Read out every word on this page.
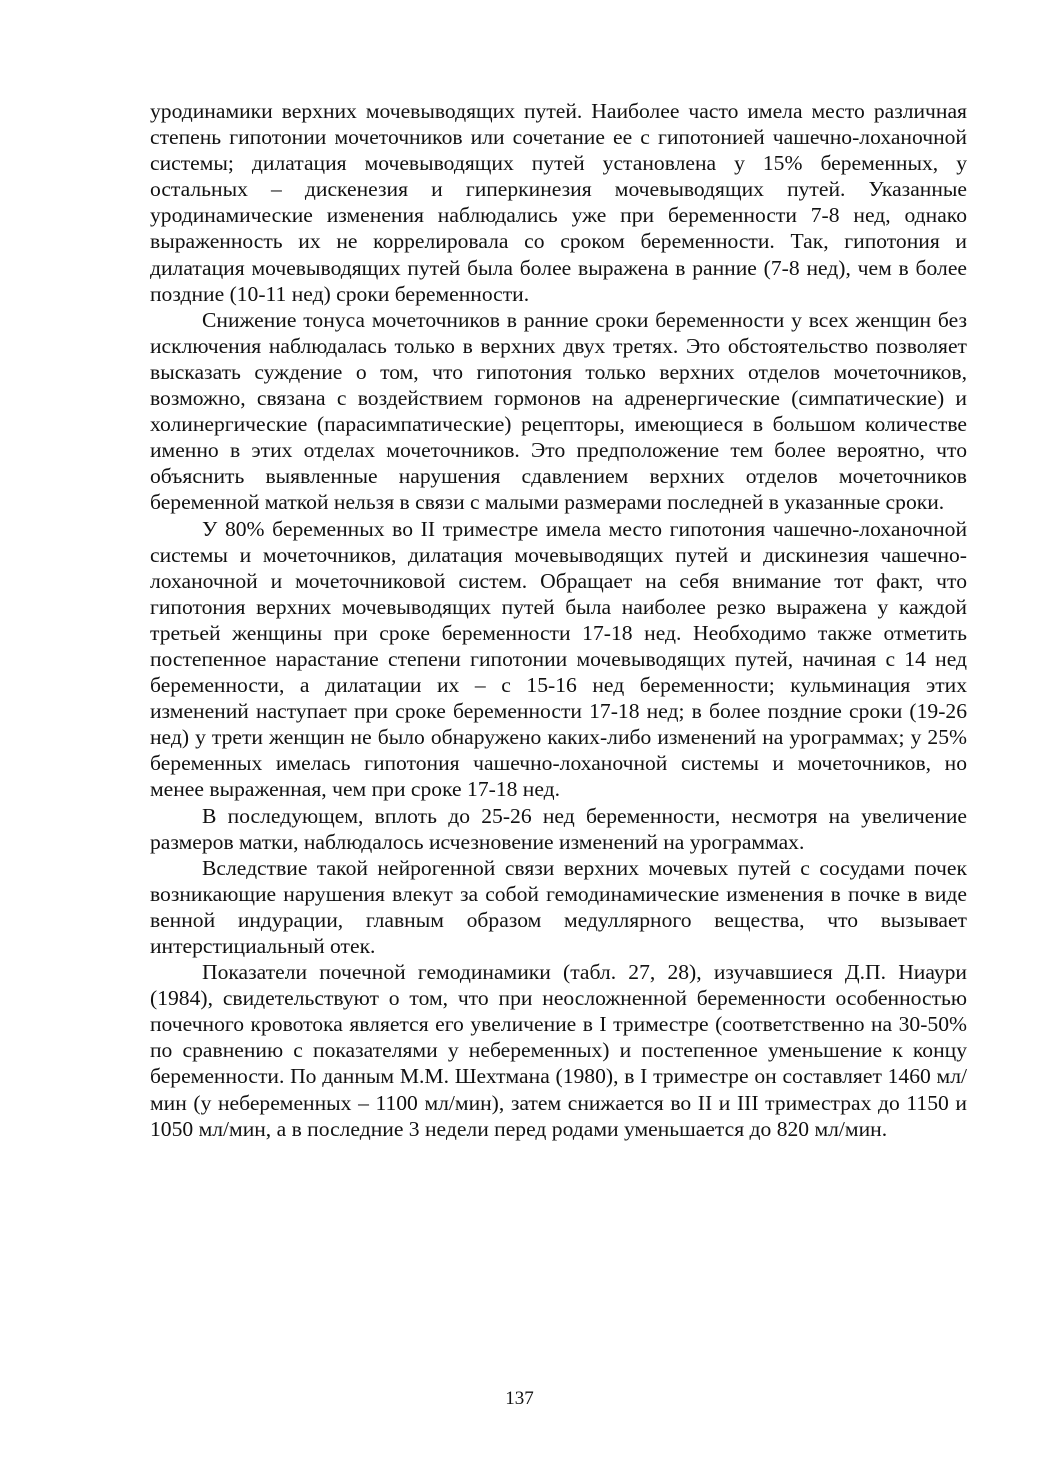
уродинамики верхних мочевыводящих путей. Наиболее часто имела место различная степень гипотонии мочеточников или сочетание ее с гипотонией чашечно-лоханочной системы; дилатация мочевыводящих путей установлена у 15% беременных, у остальных – дискенезия и гиперкинезия мочевыводящих путей. Указанные уродинамические изменения наблюдались уже при беременности 7-8 нед, однако выраженность их не коррелировала со сроком беременности. Так, гипотония и дилатация мочевыводящих путей была более выражена в ранние (7-8 нед), чем в более поздние (10-11 нед) сроки беременности.

Снижение тонуса мочеточников в ранние сроки беременности у всех женщин без исключения наблюдалась только в верхних двух третях. Это обстоятельство позволяет высказать суждение о том, что гипотония только верхних отделов мочеточников, возможно, связана с воздействием гормонов на адренергические (симпатические) и холинергические (парасимпатические) рецепторы, имеющиеся в большом количестве именно в этих отделах мочеточников. Это предположение тем более вероятно, что объяснить выявленные нарушения сдавлением верхних отделов мочеточников беременной маткой нельзя в связи с малыми размерами последней в указанные сроки.

У 80% беременных во II триместре имела место гипотония чашечно-лоханочной системы и мочеточников, дилатация мочевыводящих путей и дискинезия чашечно-лоханочной и мочеточниковой систем. Обращает на себя внимание тот факт, что гипотония верхних мочевыводящих путей была наиболее резко выражена у каждой третьей женщины при сроке беременности 17-18 нед. Необходимо также отметить постепенное нарастание степени гипотонии мочевыводящих путей, начиная с 14 нед беременности, а дилатации их – с 15-16 нед беременности; кульминация этих изменений наступает при сроке беременности 17-18 нед; в более поздние сроки (19-26 нед) у трети женщин не было обнаружено каких-либо изменений на урограммах; у 25% беременных имелась гипотония чашечно-лоханочной системы и мочеточников, но менее выраженная, чем при сроке 17-18 нед.

В последующем, вплоть до 25-26 нед беременности, несмотря на увеличение размеров матки, наблюдалось исчезновение изменений на урограммах.

Вследствие такой нейрогенной связи верхних мочевых путей с сосудами почек возникающие нарушения влекут за собой гемодинамические изменения в почке в виде венной индурации, главным образом медуллярного вещества, что вызывает интерстициальный отек.

Показатели почечной гемодинамики (табл. 27, 28), изучавшиеся Д.П. Ниаури (1984), свидетельствуют о том, что при неосложненной беременности особенностью почечного кровотока является его увеличение в I триместре (соответственно на 30-50% по сравнению с показателями у небеременных) и постепенное уменьшение к концу беременности. По данным М.М. Шехтмана (1980), в I триместре он составляет 1460 мл/мин (у небеременных – 1100 мл/мин), затем снижается во II и III триместрах до 1150 и 1050 мл/мин, а в последние 3 недели перед родами уменьшается до 820 мл/мин.

137
